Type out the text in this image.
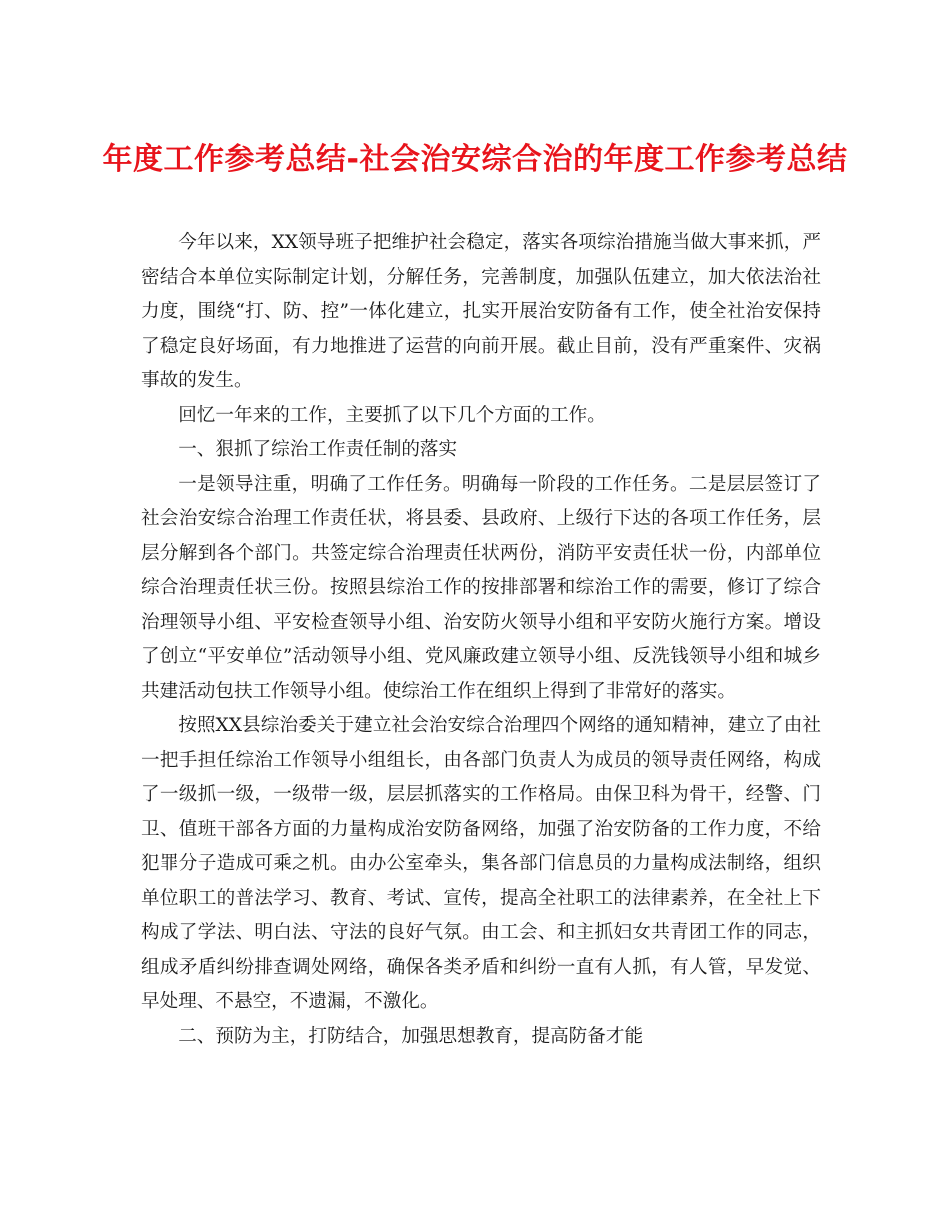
年度工作参考总结-社会治安综合治的年度工作参考总结

今年以来，XX领导班子把维护社会稳定，落实各项综治措施当做大事来抓，严密结合本单位实际制定计划，分解任务，完善制度，加强队伍建立，加大依法治社力度，围绕“打、防、控”一体化建立，扎实开展治安防备有工作，使全社治安保持了稳定良好场面，有力地推进了运营的向前开展。截止目前，没有严重案件、灾祸事故的发生。

回忆一年来的工作，主要抓了以下几个方面的工作。

一、狠抓了综治工作责任制的落实

一是领导注重，明确了工作任务。明确每一阶段的工作任务。二是层层签订了社会治安综合治理工作责任状，将县委、县政府、上级行下达的各项工作任务，层层分解到各个部门。共签定综合治理责任状两份，消防平安责任状一份，内部单位综合治理责任状三份。按照县综治工作的按排部署和综治工作的需要，修订了综合治理领导小组、平安检查领导小组、治安防火领导小组和平安防火施行方案。增设了创立“平安单位”活动领导小组、党风廉政建立领导小组、反洗钱领导小组和城乡共建活动包扶工作领导小组。使综治工作在组织上得到了非常好的落实。

按照XX县综治委关于建立社会治安综合治理四个网络的通知精神，建立了由社一把手担任综治工作领导小组组长，由各部门负责人为成员的领导责任网络，构成了一级抓一级，一级带一级，层层抓落实的工作格局。由保卫科为骨干，经警、门卫、值班干部各方面的力量构成治安防备网络，加强了治安防备的工作力度，不给犯罪分子造成可乘之机。由办公室牵头，集各部门信息员的力量构成法制络，组织单位职工的普法学习、教育、考试、宣传，提高全社职工的法律素养，在全社上下构成了学法、明白法、守法的良好气氛。由工会、和主抓妇女共青团工作的同志，组成矛盾纠纷排查调处网络，确保各类矛盾和纠纷一直有人抓，有人管，早发觉、早处理、不悬空，不遗漏，不激化。

二、预防为主，打防结合，加强思想教育，提高防备才能
